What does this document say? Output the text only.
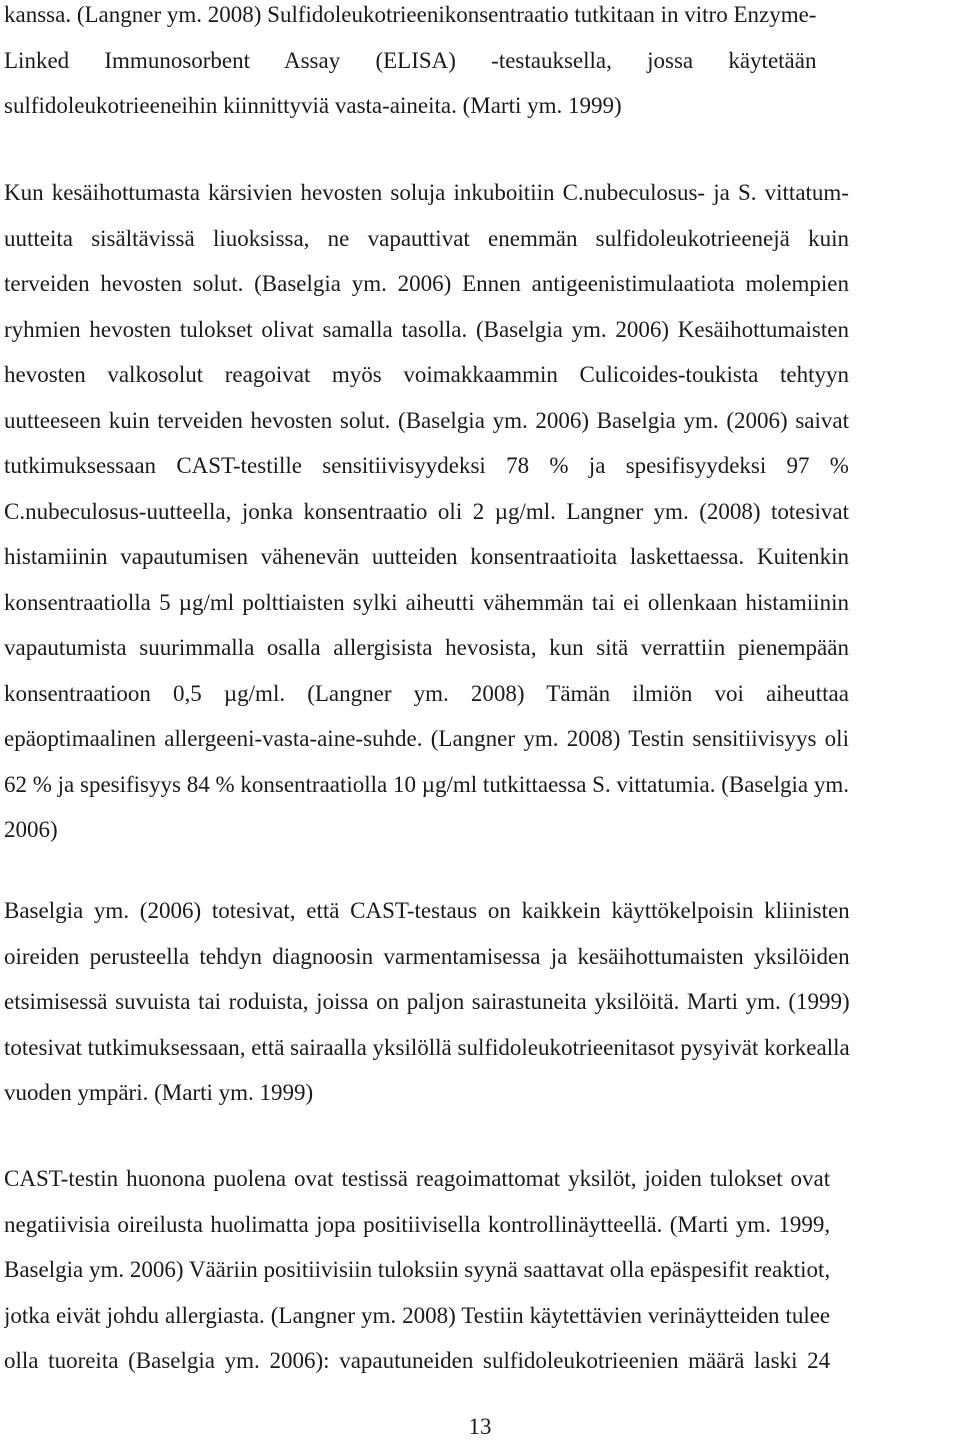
kanssa. (Langner ym. 2008) Sulfidoleukotrieenikonsentraatio tutkitaan in vitro Enzyme-
Linked Immunosorbent Assay (ELISA) -testauksella, jossa käytetään
sulfidoleukotrieeneihin kiinnittyviä vasta-aineita. (Marti ym. 1999)

Kun kesäihottumasta kärsivien hevosten soluja inkuboitiin C.nubeculosus- ja S. vittatum-
uutteita sisältävissä liuoksissa, ne vapauttivat enemmän sulfidoleukotrieenejä kuin
terveiden hevosten solut. (Baselgia ym. 2006) Ennen antigeenistimulaatiota molempien
ryhmien hevosten tulokset olivat samalla tasolla. (Baselgia ym. 2006) Kesäihottumaisten
hevosten valkosolut reagoivat myös voimakkaammin Culicoides-toukista tehtyyn
uutteeseen kuin terveiden hevosten solut. (Baselgia ym. 2006) Baselgia ym. (2006) saivat
tutkimuksessaan CAST-testille sensitiivisyydeksi 78 % ja spesifisyydeksi 97 %
C.nubeculosus-uutteella, jonka konsentraatio oli 2 µg/ml. Langner ym. (2008) totesivat
histamiinin vapautumisen vähenevän uutteiden konsentraatioita laskettaessa. Kuitenkin
konsentraatiolla 5 µg/ml polttiaisten sylki aiheutti vähemmän tai ei ollenkaan histamiinin
vapautumista suurimmalla osalla allergisista hevosista, kun sitä verrattiin pienempään
konsentraatioon 0,5 µg/ml. (Langner ym. 2008) Tämän ilmiön voi aiheuttaa
epäoptimaalinen allergeeni-vasta-aine-suhde. (Langner ym. 2008) Testin sensitiivisyys oli
62 % ja spesifisyys 84 % konsentraatiolla 10 µg/ml tutkittaessa S. vittatumia. (Baselgia ym.
2006)

Baselgia ym. (2006) totesivat, että CAST-testaus on kaikkein käyttökelpoisin kliinisten
oireiden perusteella tehdyn diagnoosin varmentamisessa ja kesäihottumaisten yksilöiden
etsimisessä suvuista tai roduista, joissa on paljon sairastuneita yksilöitä. Marti ym. (1999)
totesivat tutkimuksessaan, että sairaalla yksilöllä sulfidoleukotrieenitasot pysyivät korkealla
vuoden ympäri. (Marti ym. 1999)

CAST-testin huonona puolena ovat testissä reagoimattomat yksilöt, joiden tulokset ovat
negatiivisia oireilusta huolimatta jopa positiivisella kontrollinäytteellä. (Marti ym. 1999,
Baselgia ym. 2006) Vääriin positiivisiin tuloksiin syynä saattavat olla epäspesifit reaktiot,
jotka eivät johdu allergiasta. (Langner ym. 2008) Testiin käytettävien verinäytteiden tulee
olla tuoreita (Baselgia ym. 2006): vapautuneiden sulfidoleukotrieenien määrä laski 24

13
